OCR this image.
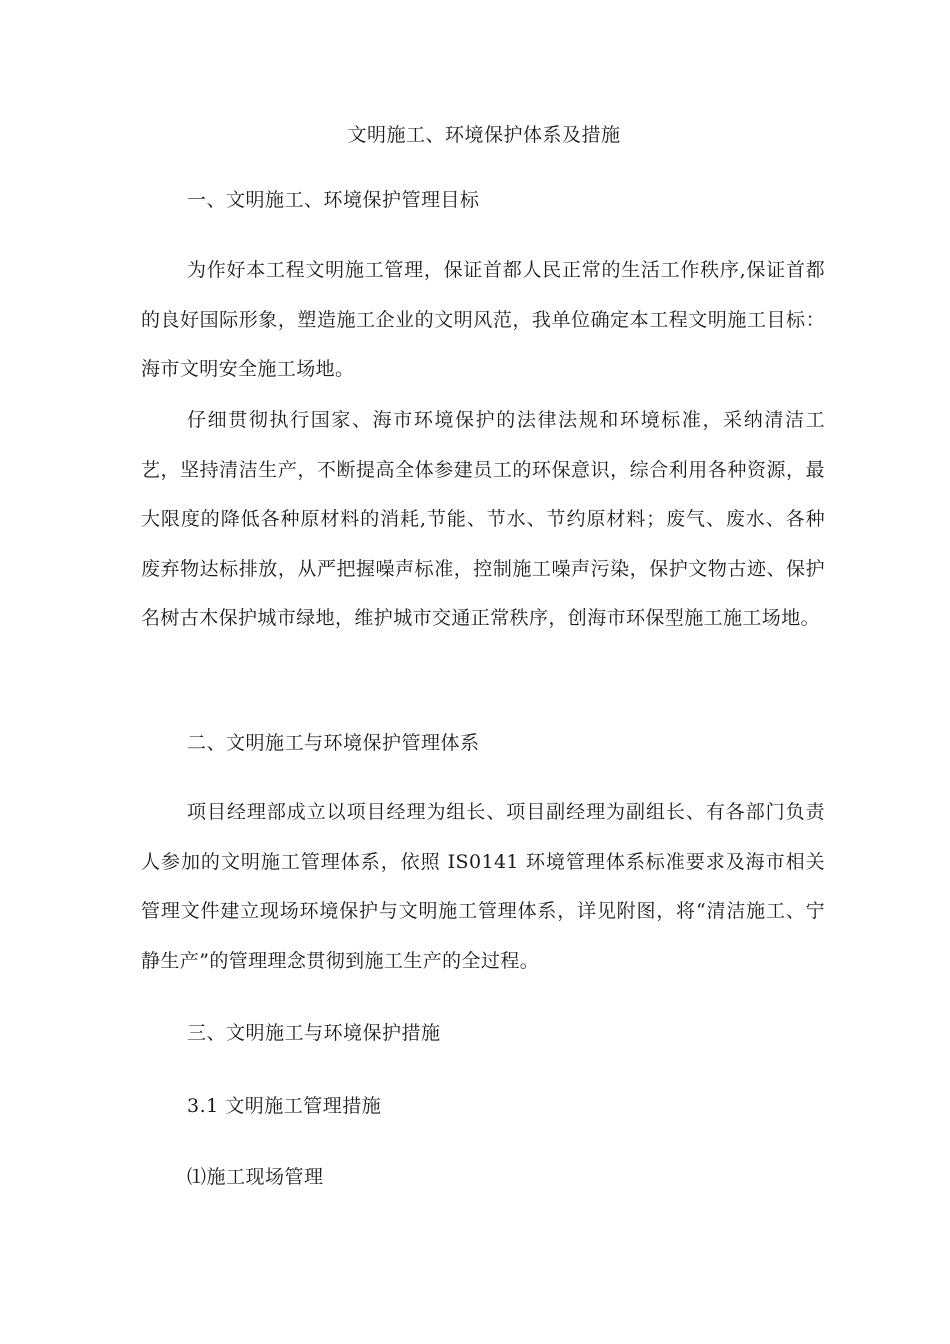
文明施工、环境保护体系及措施
一、文明施工、环境保护管理目标
为作好本工程文明施工管理，保证首都人民正常的生活工作秩序,保证首都的良好国际形象，塑造施工企业的文明风范，我单位确定本工程文明施工目标：海市文明安全施工场地。
仔细贯彻执行国家、海市环境保护的法律法规和环境标准，采纳清洁工艺，坚持清洁生产，不断提高全体参建员工的环保意识，综合利用各种资源，最大限度的降低各种原材料的消耗,节能、节水、节约原材料；废气、废水、各种废弃物达标排放，从严把握噪声标准，控制施工噪声污染，保护文物古迹、保护名树古木保护城市绿地，维护城市交通正常秩序，创海市环保型施工施工场地。
二、文明施工与环境保护管理体系
项目经理部成立以项目经理为组长、项目副经理为副组长、有各部门负责人参加的文明施工管理体系，依照 IS0141 环境管理体系标准要求及海市相关管理文件建立现场环境保护与文明施工管理体系，详见附图，将“清洁施工、宁静生产”的管理理念贯彻到施工生产的全过程。
三、文明施工与环境保护措施
3.1 文明施工管理措施
⑴施工现场管理
